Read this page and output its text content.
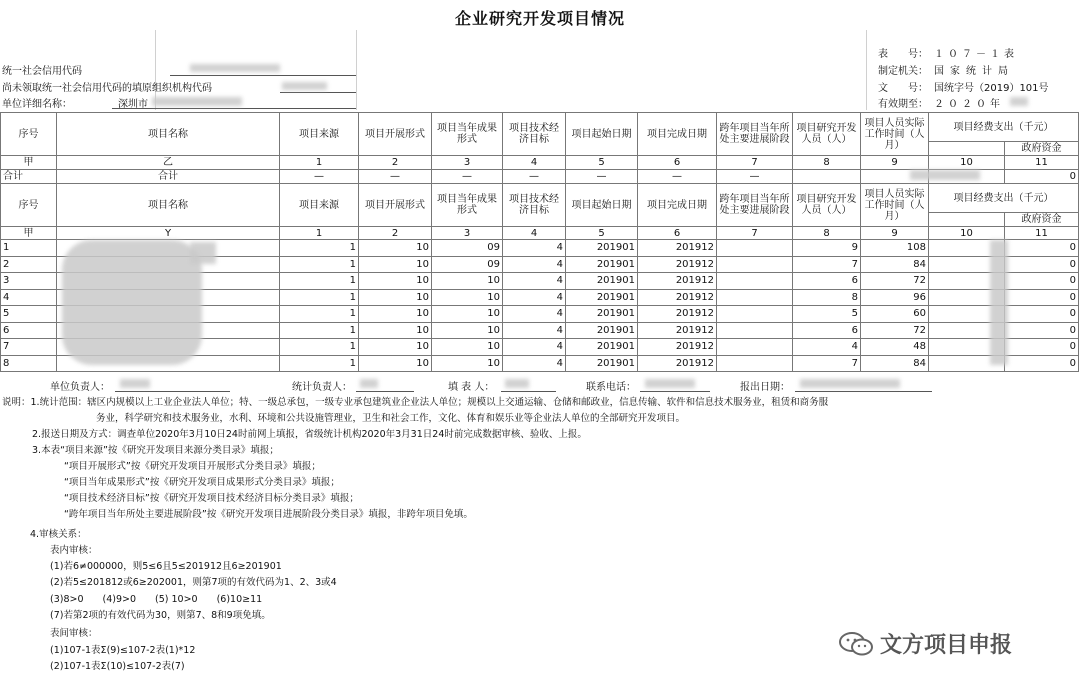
企业研究开发项目情况
统一社会信用代码
尚未领取统一社会信用代码的填原组织机构代码
单位详细名称：	深圳市
表　　号： １０７－１表
制定机关： 国家统计局
文　　号： 国统字号（2019）101号
有效期至： ２０２０年
序号	项目名称	项目来源	项目开展形式	项目当年成果形式	项目技术经济目标	项目起始日期	项目完成日期	跨年项目当年所处主要进展阶段	项目研究开发人员（人）	项目人员实际工作时间（人月）	项目经费支出（千元）	
												政府资金
甲	乙	1	2	3	4	5	6	7	8	9	10	11
合计	合计	—	—	—	—	—	—	—				0
序号	项目名称	项目来源	项目开展形式	项目当年成果形式	项目技术经济目标	项目起始日期	项目完成日期	跨年项目当年所处主要进展阶段	项目研究开发人员（人）	项目人员实际工作时间（人月）	项目经费支出（千元）	
												政府资金
甲	Y	1	2	3	4	5	6	7	8	9	10	11
1		1	10	09	4	201901	201912		9	108		0
2		1	10	09	4	201901	201912		7	84		0
3		1	10	10	4	201901	201912		6	72		0
4		1	10	10	4	201901	201912		8	96		0
5		1	10	10	4	201901	201912		5	60		0
6		1	10	10	4	201901	201912		6	72		0
7		1	10	10	4	201901	201912		4	48		0
8		1	10	10	4	201901	201912		7	84		0
单位负责人：	统计负责人：	填 表 人：	联系电话：	报出日期：

说明：1.统计范围：辖区内规模以上工业企业法人单位；特、一级总承包，一级专业承包建筑业企业法人单位；规模以上交通运输、仓储和邮政业，信息传输、软件和信息技术服务业，租赁和商务服

务业，科学研究和技术服务业，水利、环境和公共设施管理业，卫生和社会工作，文化、体育和娱乐业等企业法人单位的全部研究开发项目。

2.报送日期及方式：调查单位2020年3月10日24时前网上填报，省级统计机构2020年3月31日24时前完成数据审核、验收、上报。

3.本表“项目来源”按《研究开发项目来源分类目录》填报；

“项目开展形式”按《研究开发项目开展形式分类目录》填报；

“项目当年成果形式”按《研究开发项目成果形式分类目录》填报；

“项目技术经济目标”按《研究开发项目技术经济目标分类目录》填报；

“跨年项目当年所处主要进展阶段”按《研究开发项目进展阶段分类目录》填报，非跨年项目免填。

4.审核关系：

表内审核：

(1)若6≠000000，则5≤6且5≤201912且6≥201901

(2)若5≤201812或6≥202001，则第7项的有效代码为1、2、3或4

(3)8>0　　(4)9>0　　(5) 10>0　　(6)10≥11

(7)若第2项的有效代码为30，则第7、8和9项免填。

表间审核：

(1)107-1表Σ(9)≤107-2表(1)*12

(2)107-1表Σ(10)≤107-2表(7)

文方项目申报
